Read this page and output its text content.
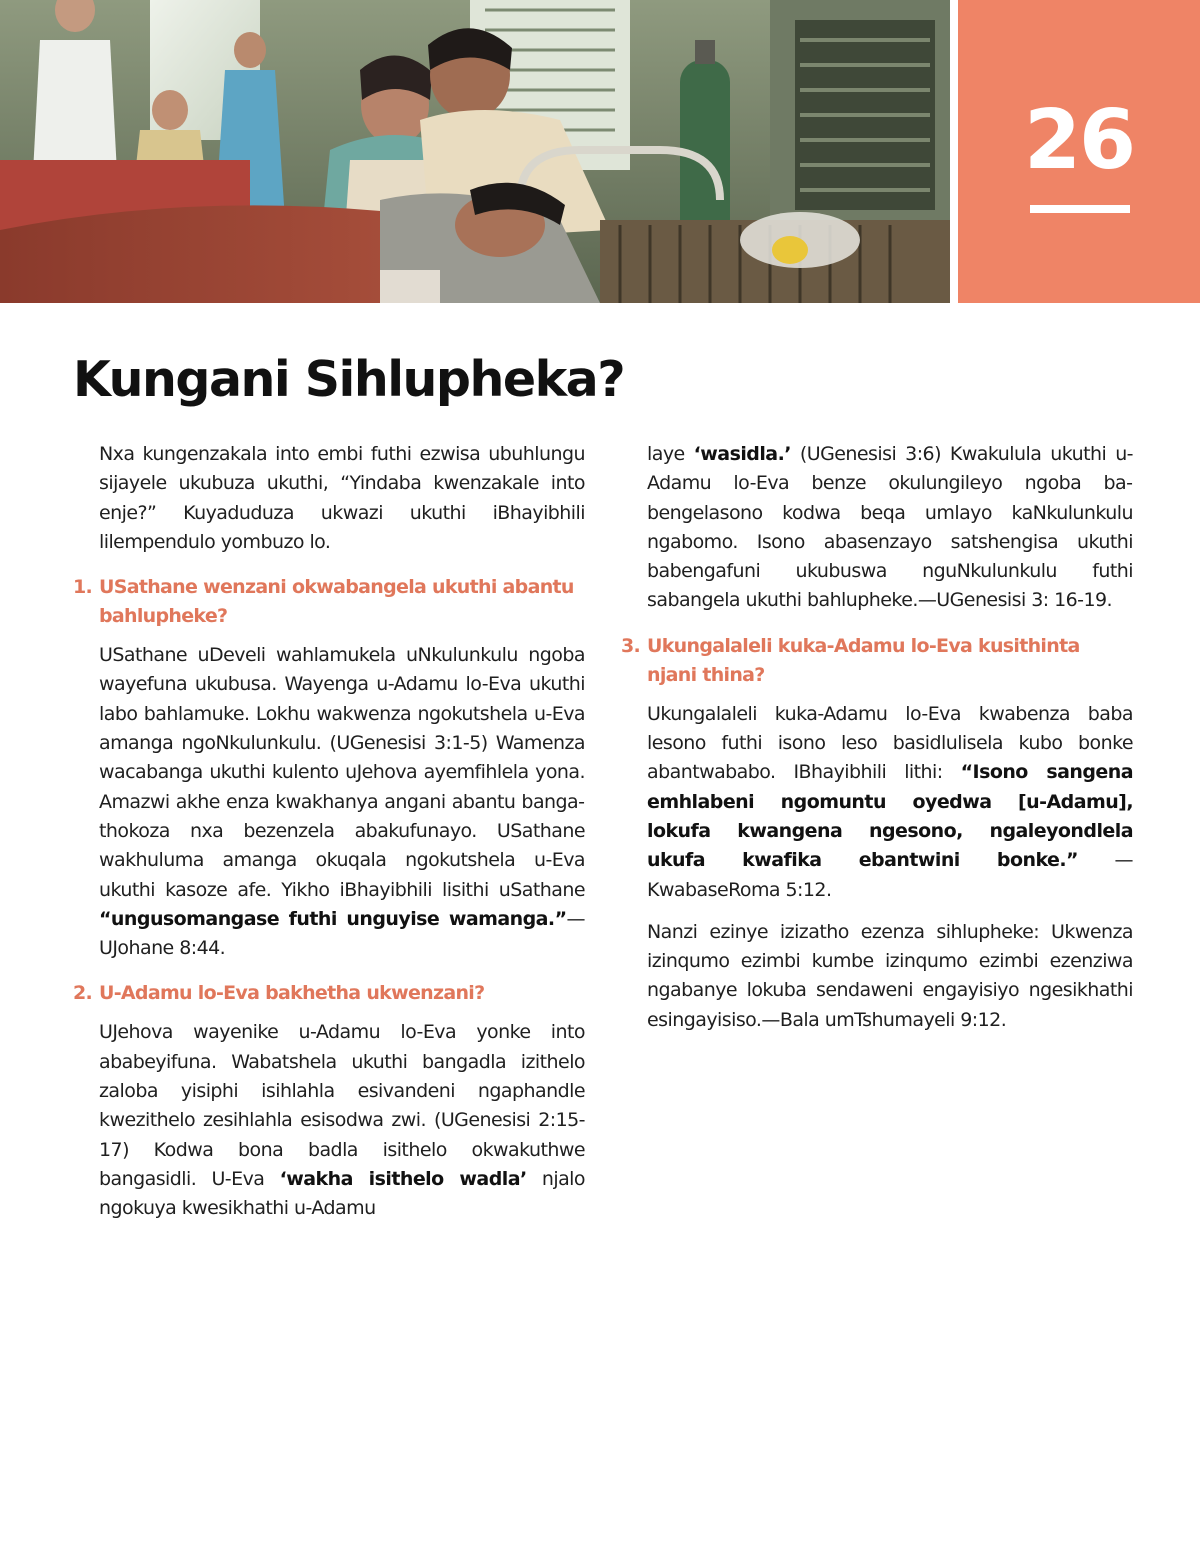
26
Kungani Sihlupheka?

Nxa kungenzakala into embi futhi ezwisa ubuhlungu sijayele ukubuza ukuthi, “Yindaba kwenzakale into enje?” Kuyaduduza ukwazi ukuthi iBhayibhili lilempendulo yombuzo lo.

1. USathane wenzani okwabangela ukuthi abantu bahlupheke?

USathane uDeveli wahlamukela uNkulunkulu ngoba wayefuna ukubusa. Wayenga u-Adamu lo-Eva ukuthi labo bahlamuke. Lokhu wakwenza ngokutshela u-Eva amanga ngoNkulunkulu. (UGenesisi 3:1-5) Wamenza wacabanga ukuthi kulento uJehova ayemfihlela yona. Amazwi akhe enza kwakhanya angani abantu bangathokoza nxa bezenzela abakufunayo. USathane wakhuluma amanga okuqala ngokutshela u-Eva ukuthi kasoze afe. Yikho iBhayibhili lisithi uSathane “ungusomangase futhi unguyise wamanga.”—UJohane 8:44.

2. U-Adamu lo-Eva bakhetha ukwenzani?

UJehova wayenike u-Adamu lo-Eva yonke into ababeyifuna. Wabatshela ukuthi bangadla izithelo zaloba yisiphi isihlahla esivandeni ngaphandle kwezithelo zesihlahla esisodwa zwi. (UGenesisi 2:15-17) Kodwa bona badla isithelo okwakuthwe bangasidli. U-Eva ‘wakha isithelo wadla’ njalo ngokuya kwesikhathi u-Adamu

laye ‘wasidla.’ (UGenesisi 3:6) Kwakulula ukuthi u-Adamu lo-Eva benze okulungileyo ngoba babengelasono kodwa beqa umlayo kaNkulunkulu ngabomo. Isono abasenzayo satshengisa ukuthi babengafuni ukubuswa nguNkulunkulu futhi sabangela ukuthi bahlupheke.—UGenesisi 3: 16-19.

3. Ukungalaleli kuka-Adamu lo-Eva kusithinta njani thina?

Ukungalaleli kuka-Adamu lo-Eva kwabenza baba lesono futhi isono leso basidlulisela kubo bonke abantwababo. IBhayibhili lithi: “Isono sangena emhlabeni ngomuntu oyedwa [u-Adamu], lokufa kwangena ngesono, ngaleyondlela ukufa kwafika ebantwini bonke.” —KwabaseRoma 5:12.

Nanzi ezinye izizatho ezenza sihlupheke: Ukwenza izinqumo ezimbi kumbe izinqumo ezimbi ezenziwa ngabanye lokuba sendaweni engayisiyo ngesikhathi esingayisiso.—Bala umTshumayeli 9:12.
